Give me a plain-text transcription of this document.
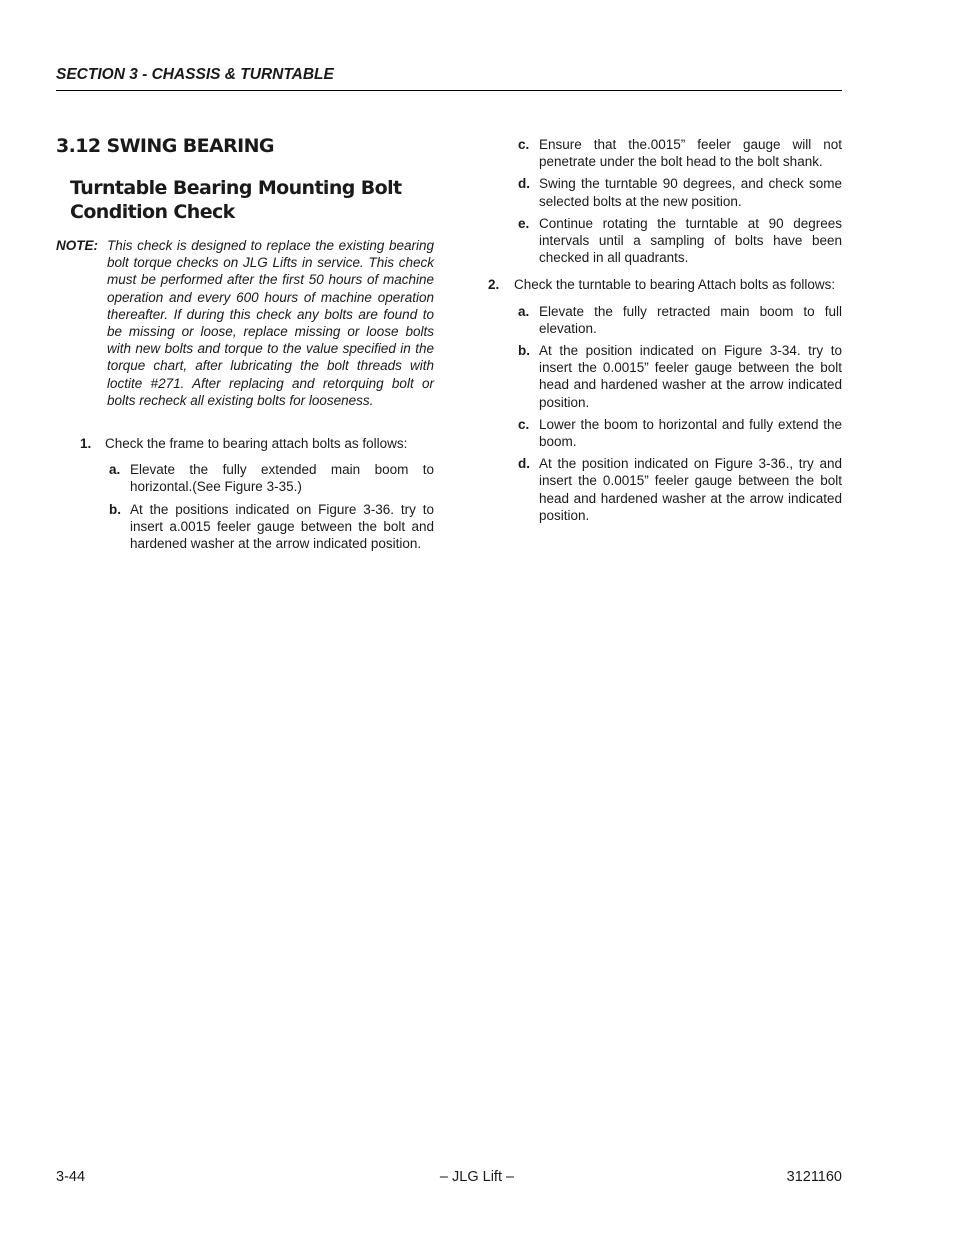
SECTION 3 - CHASSIS & TURNTABLE
3.12 SWING BEARING
Turntable Bearing Mounting Bolt Condition Check
NOTE: This check is designed to replace the existing bearing bolt torque checks on JLG Lifts in service. This check must be performed after the first 50 hours of machine operation and every 600 hours of machine operation thereafter. If during this check any bolts are found to be missing or loose, replace missing or loose bolts with new bolts and torque to the value specified in the torque chart, after lubricating the bolt threads with loctite #271. After replacing and retorquing bolt or bolts recheck all existing bolts for looseness.
1.	Check the frame to bearing attach bolts as follows:
a. Elevate the fully extended main boom to horizontal.(See Figure 3-35.)
b. At the positions indicated on Figure 3-36. try to insert a.0015 feeler gauge between the bolt and hardened washer at the arrow indicated position.
c. Ensure that the.0015” feeler gauge will not penetrate under the bolt head to the bolt shank.
d. Swing the turntable 90 degrees, and check some selected bolts at the new position.
e. Continue rotating the turntable at 90 degrees intervals until a sampling of bolts have been checked in all quadrants.
2.	Check the turntable to bearing Attach bolts as follows:
a. Elevate the fully retracted main boom to full elevation.
b. At the position indicated on Figure 3-34. try to insert the 0.0015” feeler gauge between the bolt head and hardened washer at the arrow indicated position.
c. Lower the boom to horizontal and fully extend the boom.
d. At the position indicated on Figure 3-36., try and insert the 0.0015” feeler gauge between the bolt head and hardened washer at the arrow indicated position.
3-44	– JLG Lift –	3121160
